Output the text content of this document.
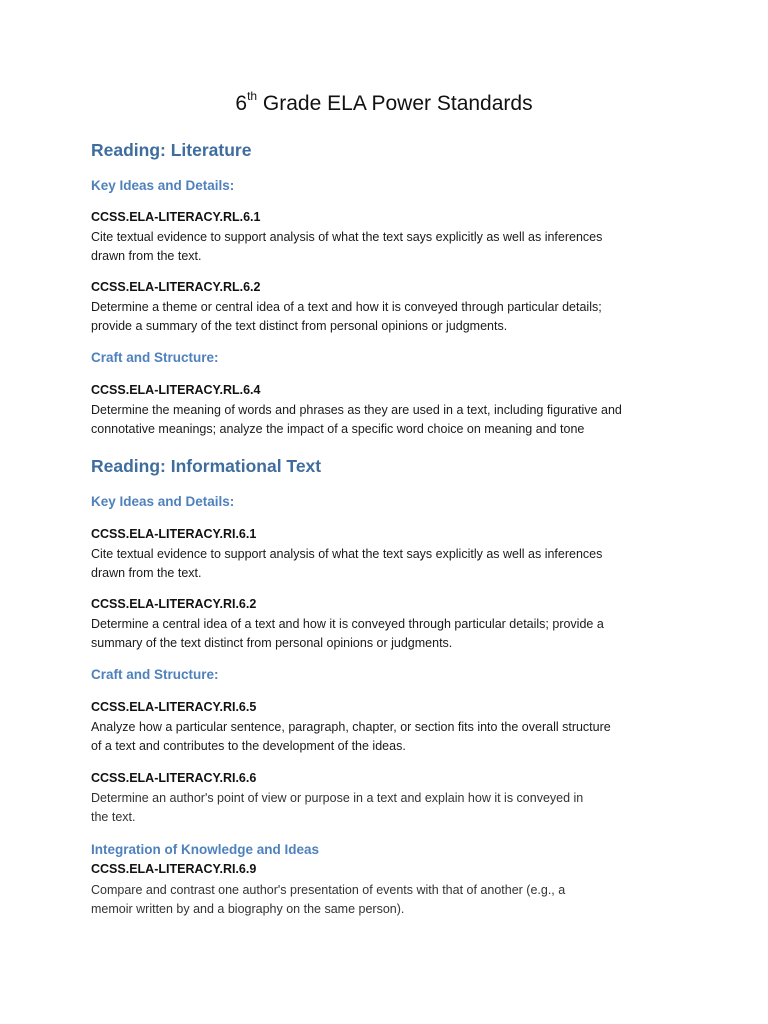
6th Grade ELA Power Standards
Reading: Literature
Key Ideas and Details:

CCSS.ELA-LITERACY.RL.6.1

Cite textual evidence to support analysis of what the text says explicitly as well as inferences
drawn from the text.

CCSS.ELA-LITERACY.RL.6.2

Determine a theme or central idea of a text and how it is conveyed through particular details;
provide a summary of the text distinct from personal opinions or judgments.
Craft and Structure:

CCSS.ELA-LITERACY.RL.6.4

Determine the meaning of words and phrases as they are used in a text, including figurative and
connotative meanings; analyze the impact of a specific word choice on meaning and tone
Reading: Informational Text
Key Ideas and Details:

CCSS.ELA-LITERACY.RI.6.1

Cite textual evidence to support analysis of what the text says explicitly as well as inferences
drawn from the text.

CCSS.ELA-LITERACY.RI.6.2

Determine a central idea of a text and how it is conveyed through particular details; provide a
summary of the text distinct from personal opinions or judgments.
Craft and Structure:

CCSS.ELA-LITERACY.RI.6.5

Analyze how a particular sentence, paragraph, chapter, or section fits into the overall structure
of a text and contributes to the development of the ideas.

CCSS.ELA-LITERACY.RI.6.6

Determine an author's point of view or purpose in a text and explain how it is conveyed in
the text.
Integration of Knowledge and Ideas

CCSS.ELA-LITERACY.RI.6.9

Compare and contrast one author's presentation of events with that of another (e.g., a
memoir written by and a biography on the same person).
